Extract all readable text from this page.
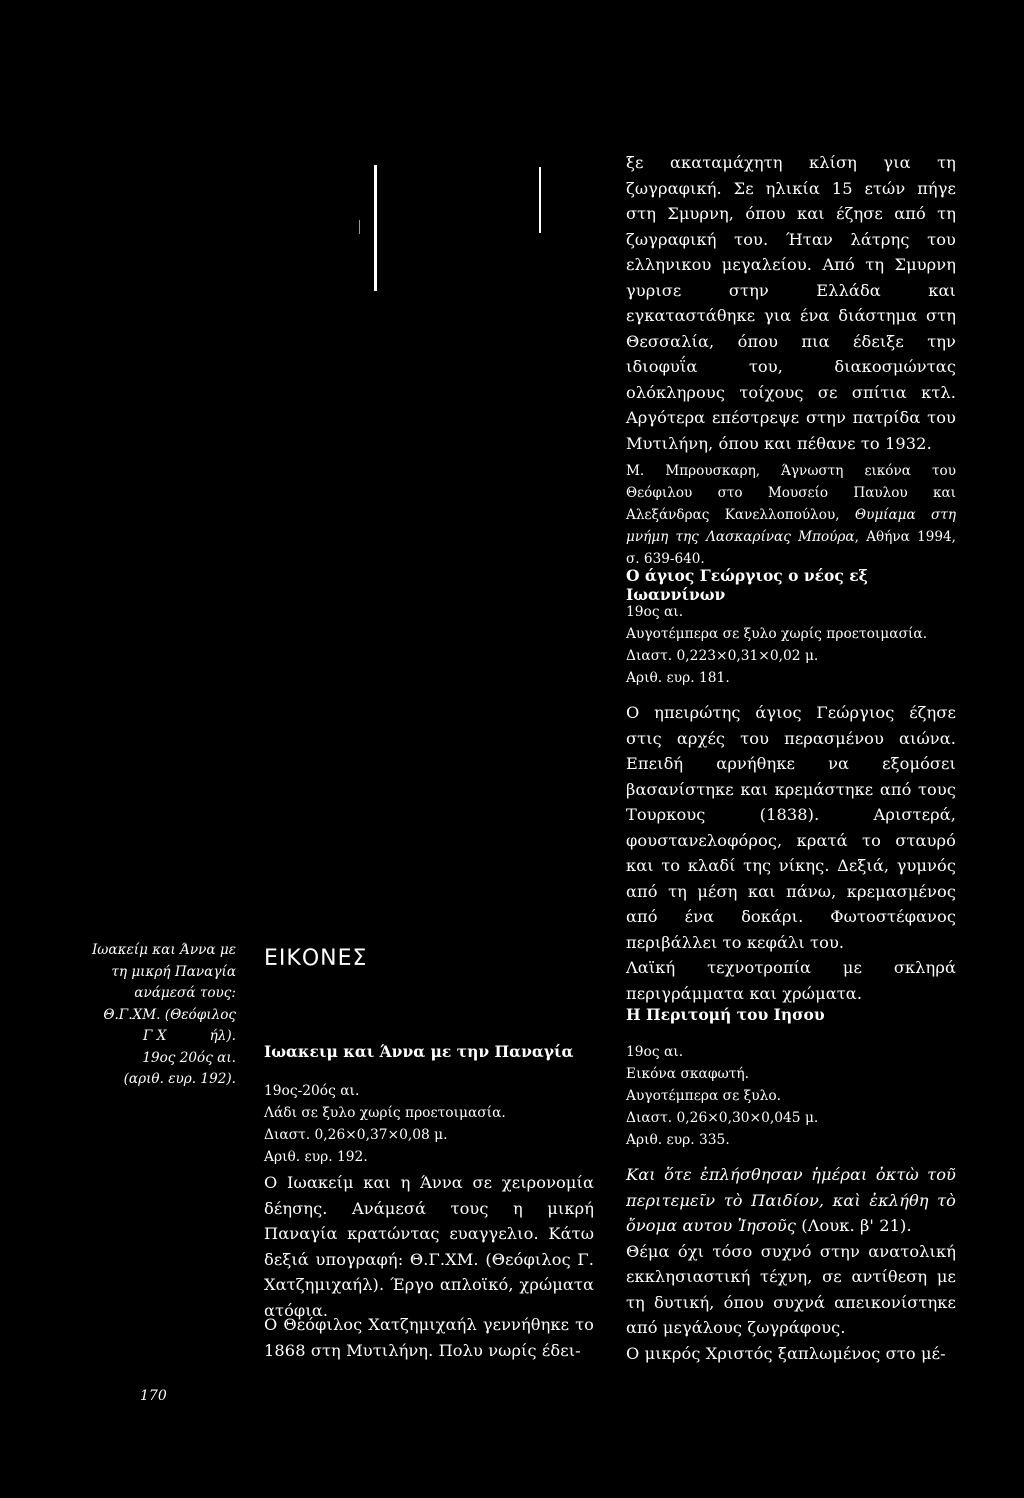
ξε ακαταμάχητη κλίση για τη ζωγραφική. Σε ηλικία 15 ετών πήγε στη Σμυρνη, όπου και έζησε από τη ζωγραφική του. Ήταν λάτρης του ελληνικου μεγαλείου. Από τη Σμυρνη γυρισε στην Ελλάδα και εγκαταστάθηκε για ένα διάστημα στη Θεσσαλία, όπου πια έδειξε την ιδιοφυΐα του, διακοσμώντας ολόκληρους τοίχους σε σπίτια κτλ. Αργότερα επέστρεψε στην πατρίδα του Μυτιλήνη, όπου και πέθανε το 1932.

Μ. Μπρουσκαρη, Άγνωστη εικόνα του Θεόφιλου στο Μουσείο Παυλου και Αλεξάνδρας Κανελλοπούλου, Θυμίαμα στη μνήμη της Λασκαρίνας Μπούρα, Αθήνα 1994, σ. 639-640.

Ο άγιος Γεώργιος ο νέος εξ Ιωαννίνων

19ος αι.

Αυγοτέμπερα σε ξυλο χωρίς προετοιμασία.

Διαστ. 0,223×0,31×0,02 μ.

Αριθ. ευρ. 181.

Ο ηπειρώτης άγιος Γεώργιος έζησε στις αρχές του περασμένου αιώνα. Επειδή αρνήθηκε να εξομόσει βασανίστηκε και κρεμάστηκε από τους Τουρκους (1838). Αριστερά, φουστανελοφόρος, κρατά το σταυρό και το κλαδί της νίκης. Δεξιά, γυμνός από τη μέση και πάνω, κρεμασμένος από ένα δοκάρι. Φωτοστέφανος περιβάλλει το κεφάλι του.

Λαϊκή τεχνοτροπία με σκληρά περιγράμματα και χρώματα.

Η Περιτομή του Ιησου

19ος αι.

Εικόνα σκαφωτή.

Αυγοτέμπερα σε ξυλο.

Διαστ. 0,26×0,30×0,045 μ.

Αριθ. ευρ. 335.

Και ὅτε ἐπλήσθησαν ἡμέραι ὀκτὼ τοῦ περιτεμεῖν τὸ Παιδίον, καὶ ἐκλήθη τὸ ὄνομα αυτου Ἰησοῦς (Λουκ. β' 21).

Θέμα όχι τόσο συχνό στην ανατολική εκκλησιαστική τέχνη, σε αντίθεση με τη δυτική, όπου συχνά απεικονίστηκε από μεγάλους ζωγράφους.

Ο μικρός Χριστός ξαπλωμένος στο μέ-

ΕΙΚΟΝΕΣ
Ιωακειμ και Άννα με την Παναγία

19ος-20ός αι.

Λάδι σε ξυλο χωρίς προετοιμασία.

Διαστ. 0,26×0,37×0,08 μ.

Αριθ. ευρ. 192.

Ο Ιωακείμ και η Άννα σε χειρονομία δέησης. Ανάμεσά τους η μικρή Παναγία κρατώντας ευαγγελιο. Κάτω δεξιά υπογραφή: Θ.Γ.ΧΜ. (Θεόφιλος Γ. Χατζημιχαήλ). Έργο απλοϊκό, χρώματα ατόφια.

Ο Θεόφιλος Χατζημιχαήλ γεννήθηκε το 1868 στη Μυτιλήνη. Πολυ νωρίς έδει-

Ιωακείμ και Άννα με

τη μικρή Παναγία

ανάμεσά τους:

Θ.Γ.ΧΜ. (Θεόφιλος

Γ Χ          ήλ).

19ος 20ός αι.

(αριθ. ευρ. 192).

170
